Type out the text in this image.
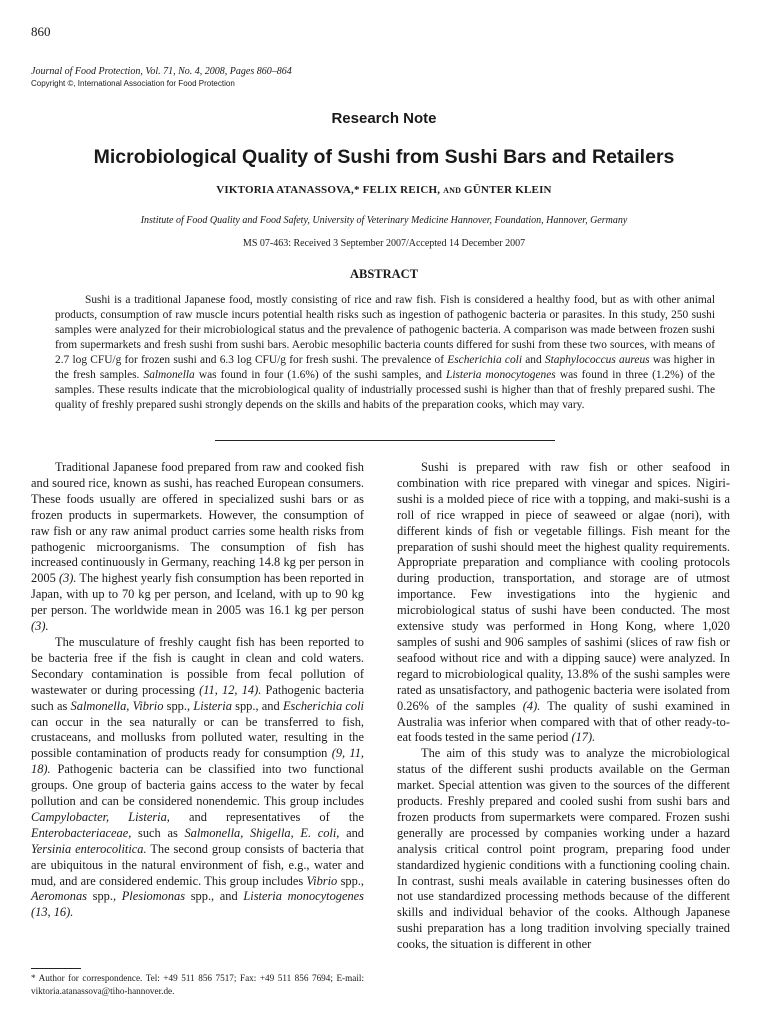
860
Journal of Food Protection, Vol. 71, No. 4, 2008, Pages 860–864
Copyright ©, International Association for Food Protection
Research Note
Microbiological Quality of Sushi from Sushi Bars and Retailers
VIKTORIA ATANASSOVA,* FELIX REICH, and GÜNTER KLEIN
Institute of Food Quality and Food Safety, University of Veterinary Medicine Hannover, Foundation, Hannover, Germany
MS 07-463: Received 3 September 2007/Accepted 14 December 2007
ABSTRACT
Sushi is a traditional Japanese food, mostly consisting of rice and raw fish. Fish is considered a healthy food, but as with other animal products, consumption of raw muscle incurs potential health risks such as ingestion of pathogenic bacteria or parasites. In this study, 250 sushi samples were analyzed for their microbiological status and the prevalence of pathogenic bacteria. A comparison was made between frozen sushi from supermarkets and fresh sushi from sushi bars. Aerobic mesophilic bacteria counts differed for sushi from these two sources, with means of 2.7 log CFU/g for frozen sushi and 6.3 log CFU/g for fresh sushi. The prevalence of Escherichia coli and Staphylococcus aureus was higher in the fresh samples. Salmonella was found in four (1.6%) of the sushi samples, and Listeria monocytogenes was found in three (1.2%) of the samples. These results indicate that the microbiological quality of industrially processed sushi is higher than that of freshly prepared sushi. The quality of freshly prepared sushi strongly depends on the skills and habits of the preparation cooks, which may vary.

Traditional Japanese food prepared from raw and cooked fish and soured rice, known as sushi, has reached European consumers. These foods usually are offered in specialized sushi bars or as frozen products in supermarkets. However, the consumption of raw fish or any raw animal product carries some health risks from pathogenic microorganisms. The consumption of fish has increased continuously in Germany, reaching 14.8 kg per person in 2005 (3). The highest yearly fish consumption has been reported in Japan, with up to 70 kg per person, and Iceland, with up to 90 kg per person. The worldwide mean in 2005 was 16.1 kg per person (3).

The musculature of freshly caught fish has been reported to be bacteria free if the fish is caught in clean and cold waters. Secondary contamination is possible from fecal pollution of wastewater or during processing (11, 12, 14). Pathogenic bacteria such as Salmonella, Vibrio spp., Listeria spp., and Escherichia coli can occur in the sea naturally or can be transferred to fish, crustaceans, and mollusks from polluted water, resulting in the possible contamination of products ready for consumption (9, 11, 18). Pathogenic bacteria can be classified into two functional groups. One group of bacteria gains access to the water by fecal pollution and can be considered nonendemic. This group includes Campylobacter, Listeria, and representatives of the Enterobacteriaceae, such as Salmonella, Shigella, E. coli, and Yersinia enterocolitica. The second group consists of bacteria that are ubiquitous in the natural environment of fish, e.g., water and mud, and are considered endemic. This group includes Vibrio spp., Aeromonas spp., Plesiomonas spp., and Listeria monocytogenes (13, 16).

Sushi is prepared with raw fish or other seafood in combination with rice prepared with vinegar and spices. Nigiri-sushi is a molded piece of rice with a topping, and maki-sushi is a roll of rice wrapped in piece of seaweed or algae (nori), with different kinds of fish or vegetable fillings. Fish meant for the preparation of sushi should meet the highest quality requirements. Appropriate preparation and compliance with cooling protocols during production, transportation, and storage are of utmost importance. Few investigations into the hygienic and microbiological status of sushi have been conducted. The most extensive study was performed in Hong Kong, where 1,020 samples of sushi and 906 samples of sashimi (slices of raw fish or seafood without rice and with a dipping sauce) were analyzed. In regard to microbiological quality, 13.8% of the sushi samples were rated as unsatisfactory, and pathogenic bacteria were isolated from 0.26% of the samples (4). The quality of sushi examined in Australia was inferior when compared with that of other ready-to-eat foods tested in the same period (17).

The aim of this study was to analyze the microbiological status of the different sushi products available on the German market. Special attention was given to the sources of the different products. Freshly prepared and cooled sushi from sushi bars and frozen products from supermarkets were compared. Frozen sushi generally are processed by companies working under a hazard analysis critical control point program, preparing food under standardized hygienic conditions with a functioning cooling chain. In contrast, sushi meals available in catering businesses often do not use standardized processing methods because of the different skills and individual behavior of the cooks. Although Japanese sushi preparation has a long tradition involving specially trained cooks, the situation is different in other

* Author for correspondence. Tel: +49 511 856 7517; Fax: +49 511 856 7694; E-mail: viktoria.atanassova@tiho-hannover.de.
